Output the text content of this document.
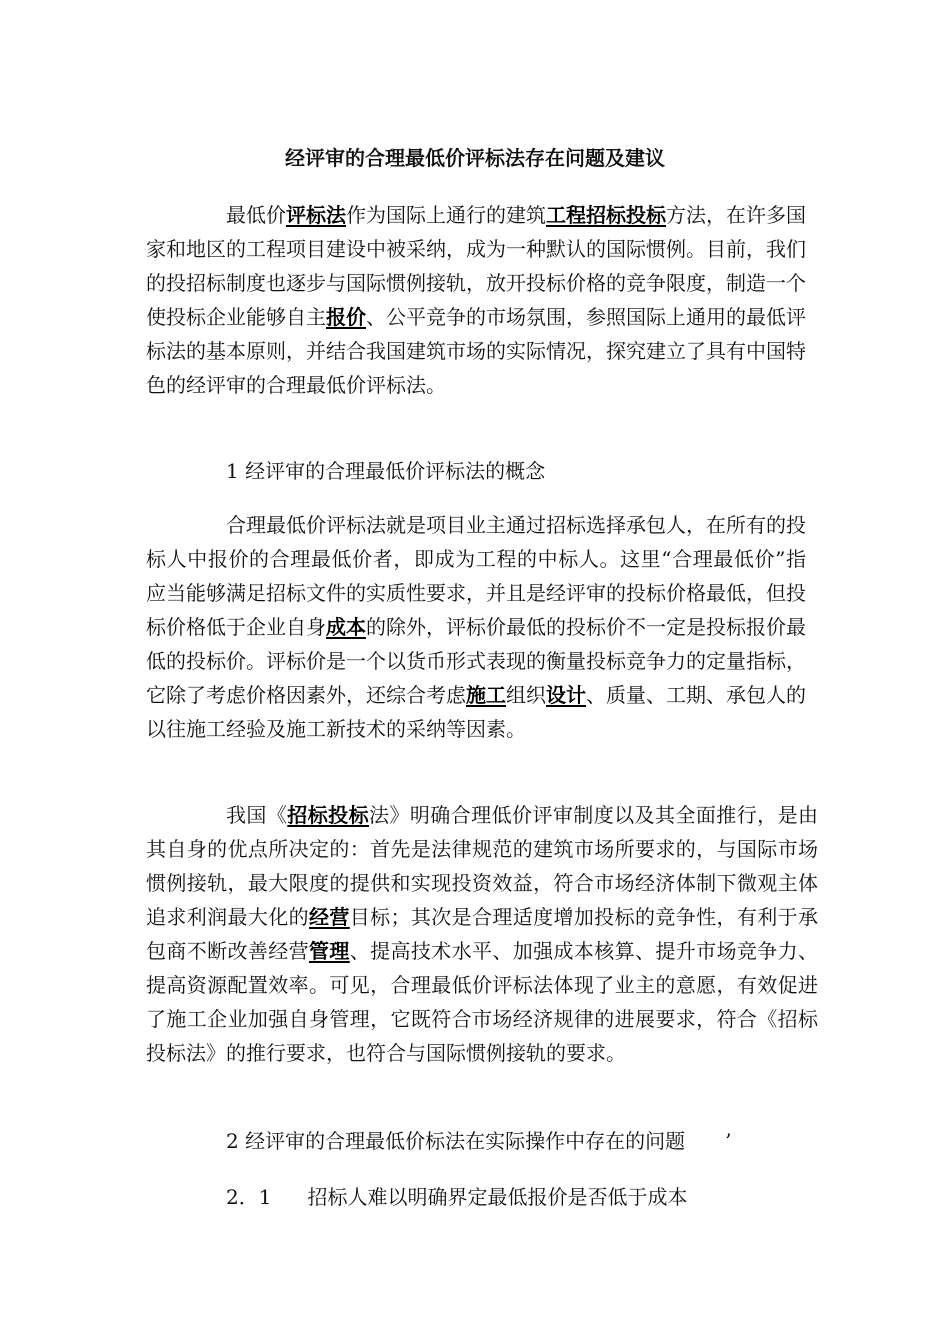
经评审的合理最低价评标法存在问题及建议

最低价评标法作为国际上通行的建筑工程招标投标方法，在许多国家和地区的工程项目建设中被采纳，成为一种默认的国际惯例。目前，我们的投招标制度也逐步与国际惯例接轨，放开投标价格的竞争限度，制造一个使投标企业能够自主报价、公平竞争的市场氛围，参照国际上通用的最低评标法的基本原则，并结合我国建筑市场的实际情况，探究建立了具有中国特色的经评审的合理最低价评标法。

1 经评审的合理最低价评标法的概念

合理最低价评标法就是项目业主通过招标选择承包人，在所有的投标人中报价的合理最低价者，即成为工程的中标人。这里“合理最低价”指应当能够满足招标文件的实质性要求，并且是经评审的投标价格最低，但投标价格低于企业自身成本的除外，评标价最低的投标价不一定是投标报价最低的投标价。评标价是一个以货币形式表现的衡量投标竞争力的定量指标，它除了考虑价格因素外，还综合考虑施工组织设计、质量、工期、承包人的以往施工经验及施工新技术的采纳等因素。

我国《招标投标法》明确合理低价评审制度以及其全面推行，是由其自身的优点所决定的：首先是法律规范的建筑市场所要求的，与国际市场惯例接轨，最大限度的提供和实现投资效益，符合市场经济体制下微观主体追求利润最大化的经营目标；其次是合理适度增加投标的竞争性，有利于承包商不断改善经营管理、提高技术水平、加强成本核算、提升市场竞争力、提高资源配置效率。可见，合理最低价评标法体现了业主的意愿，有效促进了施工企业加强自身管理，它既符合市场经济规律的进展要求，符合《招标投标法》的推行要求，也符合与国际惯例接轨的要求。

2 经评审的合理最低价标法在实际操作中存在的问题 ’

2．1 招标人难以明确界定最低报价是否低于成本
